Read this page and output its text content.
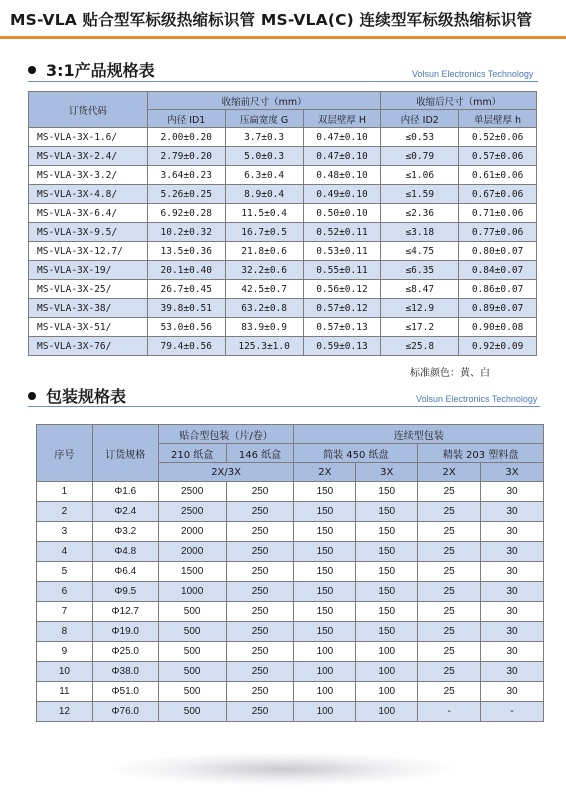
MS-VLA 贴合型军标级热缩标识管 MS-VLA(C) 连续型军标级热缩标识管
3:1产品规格表	Volsun Electronics Technology
订货代码	收缩前尺寸（mm）			收缩后尺寸（mm）	
	内径 ID1	压扁宽度 G	双层壁厚 H	内径 ID2	单层壁厚 h
MS-VLA-3X-1.6/	2.00±0.20	3.7±0.3	0.47±0.10	≤0.53	0.52±0.06
MS-VLA-3X-2.4/	2.79±0.20	5.0±0.3	0.47±0.10	≤0.79	0.57±0.06
MS-VLA-3X-3.2/	3.64±0.23	6.3±0.4	0.48±0.10	≤1.06	0.61±0.06
MS-VLA-3X-4.8/	5.26±0.25	8.9±0.4	0.49±0.10	≤1.59	0.67±0.06
MS-VLA-3X-6.4/	6.92±0.28	11.5±0.4	0.50±0.10	≤2.36	0.71±0.06
MS-VLA-3X-9.5/	10.2±0.32	16.7±0.5	0.52±0.11	≤3.18	0.77±0.06
MS-VLA-3X-12.7/	13.5±0.36	21.8±0.6	0.53±0.11	≤4.75	0.80±0.07
MS-VLA-3X-19/	20.1±0.40	32.2±0.6	0.55±0.11	≤6.35	0.84±0.07
MS-VLA-3X-25/	26.7±0.45	42.5±0.7	0.56±0.12	≤8.47	0.86±0.07
MS-VLA-3X-38/	39.8±0.51	63.2±0.8	0.57±0.12	≤12.9	0.89±0.07
MS-VLA-3X-51/	53.0±0.56	83.9±0.9	0.57±0.13	≤17.2	0.90±0.08
MS-VLA-3X-76/	79.4±0.56	125.3±1.0	0.59±0.13	≤25.8	0.92±0.09
标准颜色：黄、白
包装规格表	Volsun Electronics Technology
序号	订货规格	贴合型包装（片/卷）		连续型包装			
		210 纸盒	146 纸盒	简装 450 纸盘		精装 203 塑料盘	
		2X/3X		2X	3X	2X	3X
1	Φ1.6	2500	250	150	150	25	30
2	Φ2.4	2500	250	150	150	25	30
3	Φ3.2	2000	250	150	150	25	30
4	Φ4.8	2000	250	150	150	25	30
5	Φ6.4	1500	250	150	150	25	30
6	Φ9.5	1000	250	150	150	25	30
7	Φ12.7	500	250	150	150	25	30
8	Φ19.0	500	250	150	150	25	30
9	Φ25.0	500	250	100	100	25	30
10	Φ38.0	500	250	100	100	25	30
11	Φ51.0	500	250	100	100	25	30
12	Φ76.0	500	250	100	100	-	-
